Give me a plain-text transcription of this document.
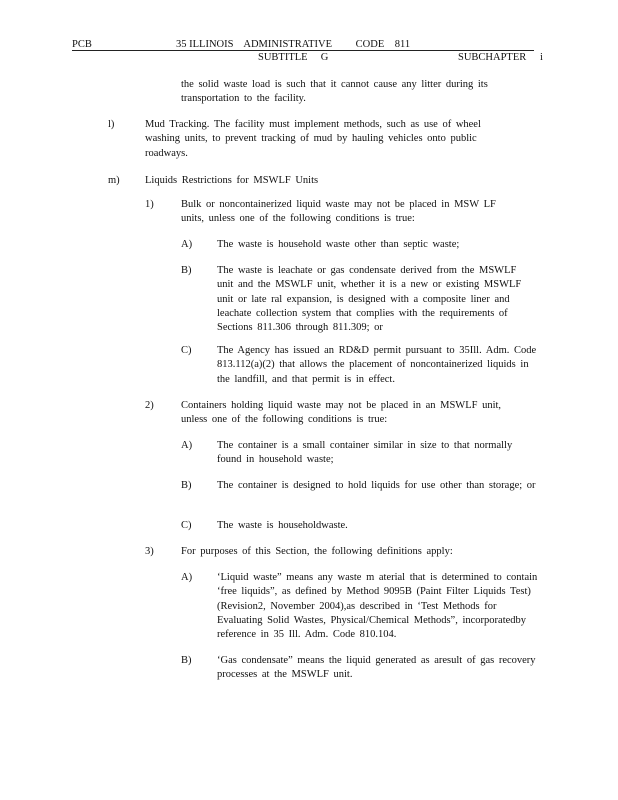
PCB	35 ILLINOIS    ADMINISTRATIVE         CODE    811
SUBTITLE     G	SUBCHAPTER i
the solid waste load is such that it cannot cause any litter during its transportation to the facility.
l)	Mud Tracking. The facility must implement methods, such as use of wheel washing units, to prevent tracking of mud by hauling vehicles onto public roadways.
m) Liquids Restrictions for MSWLF Units
1)	Bulk or noncontainerized liquid waste may not be placed in MSW LF units, unless one of the following conditions is true:
A) The waste is household waste other than septic waste;
B) The waste is leachate or gas condensate derived from the MSWLF unit and the MSWLF unit, whether it is a new or existing MSWLF unit or late ral expansion, is designed with a composite liner and leachate collection system that complies with the requirements of Sections 811.306 through 811.309; or
C) The Agency has issued an RD&D permit pursuant to 35Ill. Adm. Code 813.112(a)(2) that allows the placement of noncontainerized liquids in the landfill, and that permit is in effect.
2)	Containers holding liquid waste may not be placed in an MSWLF unit, unless one of the following conditions is true:
A) The container is a small container similar in size to that normally found in household waste;
B) The container is designed to hold liquids for use other than storage; or
C) The waste is householdwaste.
3)	For purposes of this Section, the following definitions apply:
A) ‘Liquid waste” means any waste m aterial that is determined to contain ‘free liquids”, as defined by Method 9095B (Paint Filter Liquids Test) (Revision2, November 2004),as described in ‘Test Methods for Evaluating Solid Wastes, Physical/Chemical Methods”, incorporatedby reference in 35 Ill. Adm. Code 810.104.
B) ‘Gas condensate” means the liquid generated as aresult of gas recovery processes at the MSWLF unit.
